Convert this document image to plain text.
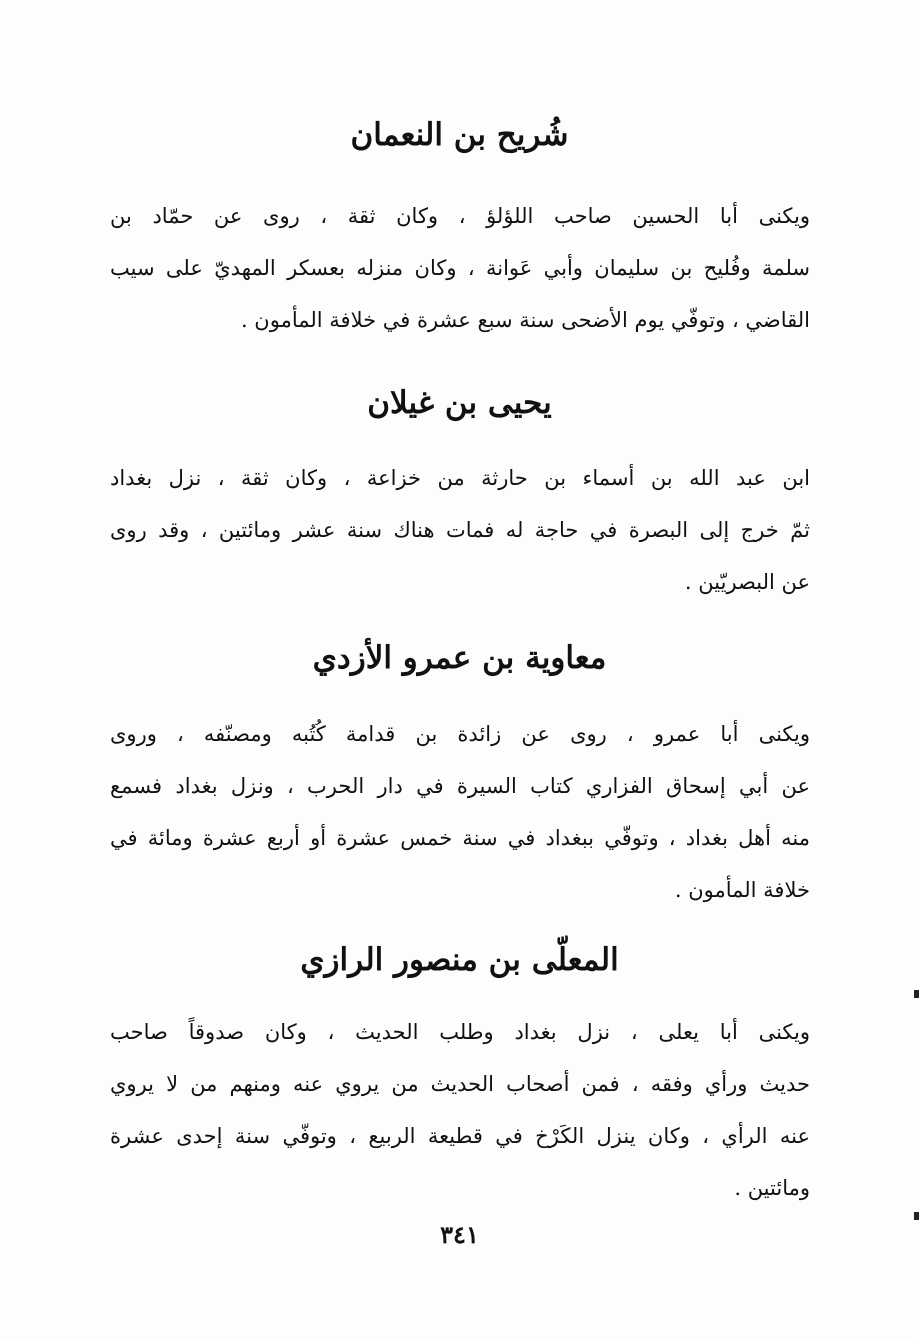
شُريح بن النعمان
ويكنى أبا الحسين صاحب اللؤلؤ ، وكان ثقة ، روى عن حمّاد بن
سلمة وفُليح بن سليمان وأبي عَوانة ، وكان منزله بعسكر المهديّ على سيب
القاضي ، وتوفّي يوم الأضحى سنة سبع عشرة في خلافة المأمون .
يحيى بن غيلان
ابن عبد الله بن أسماء بن حارثة من خزاعة ، وكان ثقة ، نزل بغداد
ثمّ خرج إلى البصرة في حاجة له فمات هناك سنة عشر ومائتين ، وقد روى
عن البصريّين .
معاوية بن عمرو الأزدي
ويكنى أبا عمرو ، روى عن زائدة بن قدامة كُتُبه ومصنّفه ، وروى
عن أبي إسحاق الفزاري كتاب السيرة في دار الحرب ، ونزل بغداد فسمع
منه أهل بغداد ، وتوفّي ببغداد في سنة خمس عشرة أو أربع عشرة ومائة في
خلافة المأمون .
المعلّى بن منصور الرازي
ويكنى أبا يعلى ، نزل بغداد وطلب الحديث ، وكان صدوقاً صاحب
حديث ورأي وفقه ، فمن أصحاب الحديث من يروي عنه ومنهم من لا يروي
عنه الرأي ، وكان ينزل الكَرْخ في قطيعة الربيع ، وتوفّي سنة إحدى عشرة
ومائتين .
٣٤١
